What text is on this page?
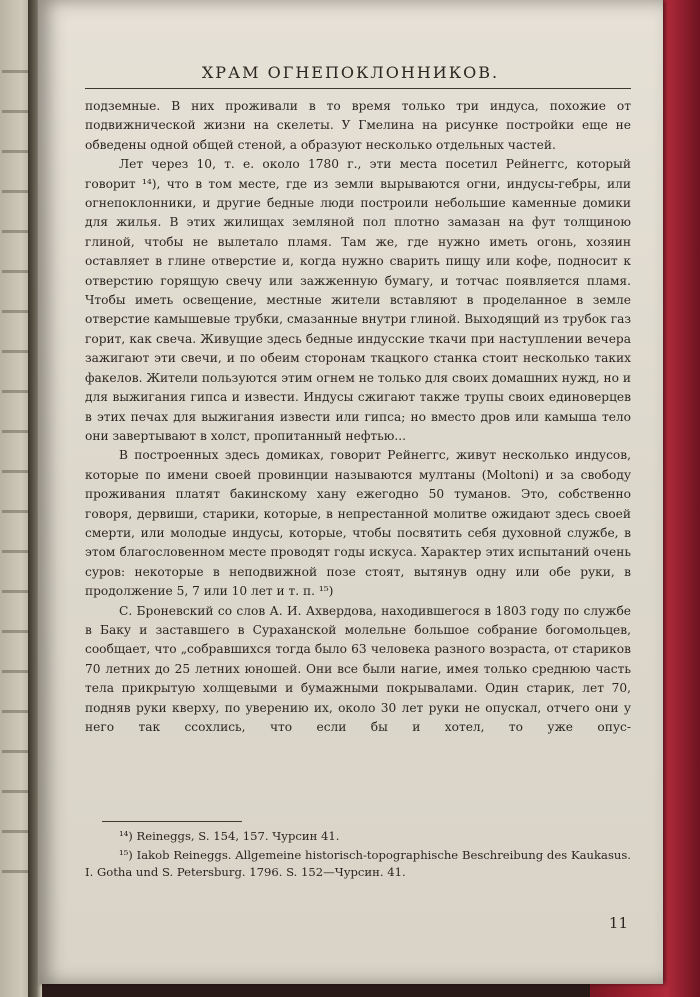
ХРАМ ОГНЕПОКЛОННИКОВ.

подземные. В них проживали в то время только три индуса, похожие от подвижнической жизни на скелеты. У Гмелина на рисунке постройки еще не обведены одной общей стеной, а образуют несколько отдельных частей.

Лет через 10, т. е. около 1780 г., эти места посетил Рейнеггс, который говорит ¹⁴), что в том месте, где из земли вырываются огни, индусы-гебры, или огнепоклонники, и другие бедные люди построили небольшие каменные домики для жилья. В этих жилищах земляной пол плотно замазан на фут толщиною глиной, чтобы не вылетало пламя. Там же, где нужно иметь огонь, хозяин оставляет в глине отверстие и, когда нужно сварить пищу или кофе, подносит к отверстию горящую свечу или зажженную бумагу, и тотчас появляется пламя. Чтобы иметь освещение, местные жители вставляют в проделанное в земле отверстие камышевые трубки, смазанные внутри глиной. Выходящий из трубок газ горит, как свеча. Живущие здесь бедные индусские ткачи при наступлении вечера зажигают эти свечи, и по обеим сторонам ткацкого станка стоит несколько таких факелов. Жители пользуются этим огнем не только для своих домашних нужд, но и для выжигания гипса и извести. Индусы сжигают также трупы своих единоверцев в этих печах для выжигания извести или гипса; но вместо дров или камыша тело они завертывают в холст, пропитанный нефтью...

В построенных здесь домиках, говорит Рейнеггс, живут несколько индусов, которые по имени своей провинции называются мултаны (Moltoni) и за свободу проживания платят бакинскому хану ежегодно 50 туманов. Это, собственно говоря, дервиши, старики, которые, в непрестанной молитве ожидают здесь своей смерти, или молодые индусы, которые, чтобы посвятить себя духовной службе, в этом благословенном месте проводят годы искуса. Характер этих испытаний очень суров: некоторые в неподвижной позе стоят, вытянув одну или обе руки, в продолжение 5, 7 или 10 лет и т. п. ¹⁵)

С. Броневский со слов А. И. Ахвердова, находившегося в 1803 году по службе в Баку и заставшего в Сураханской молельне большое собрание богомольцев, сообщает, что „собравшихся тогда было 63 человека разного возраста, от стариков 70 летних до 25 летних юношей. Они все были нагие, имея только среднюю часть тела прикрытую холщевыми и бумажными покрывалами. Один старик, лет 70, подняв руки кверху, по уверению их, около 30 лет руки не опускал, отчего они у него так ссохлись, что если бы и хотел, то уже опус-

¹⁴) Reineggs, S. 154, 157. Чурсин 41.

¹⁵) Iakob Reineggs. Allgemeine historisch-topographische Beschreibung des Kaukasus. I. Gotha und S. Petersburg. 1796. S. 152—Чурсин. 41.

11
